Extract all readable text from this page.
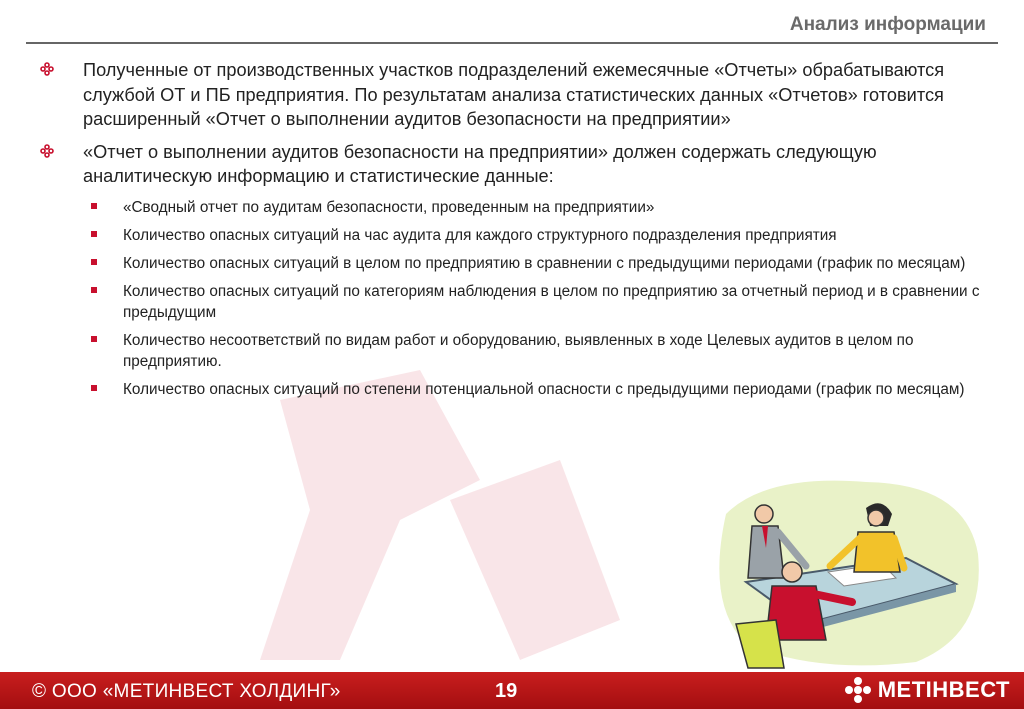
Анализ информации
Полученные от производственных участков подразделений ежемесячные «Отчеты» обрабатываются службой ОТ и ПБ предприятия. По результатам анализа статистических данных «Отчетов» готовится расширенный «Отчет о выполнении аудитов безопасности на предприятии»
«Отчет о выполнении аудитов безопасности на предприятии» должен содержать следующую аналитическую информацию и статистические данные:
«Сводный отчет по аудитам безопасности, проведенным на предприятии»
Количество опасных ситуаций на час аудита для каждого структурного подразделения предприятия
Количество опасных ситуаций в целом по предприятию в сравнении с предыдущими периодами (график по месяцам)
Количество опасных ситуаций по категориям наблюдения в целом по предприятию за отчетный период и в сравнении с предыдущим
Количество несоответствий по видам работ и оборудованию, выявленных в ходе Целевых аудитов в целом по предприятию.
Количество опасных ситуаций по степени потенциальной опасности с предыдущими периодами (график по месяцам)
© ООО «МЕТИНВЕСТ ХОЛДИНГ»	19	МЕТІНВЕСТ
